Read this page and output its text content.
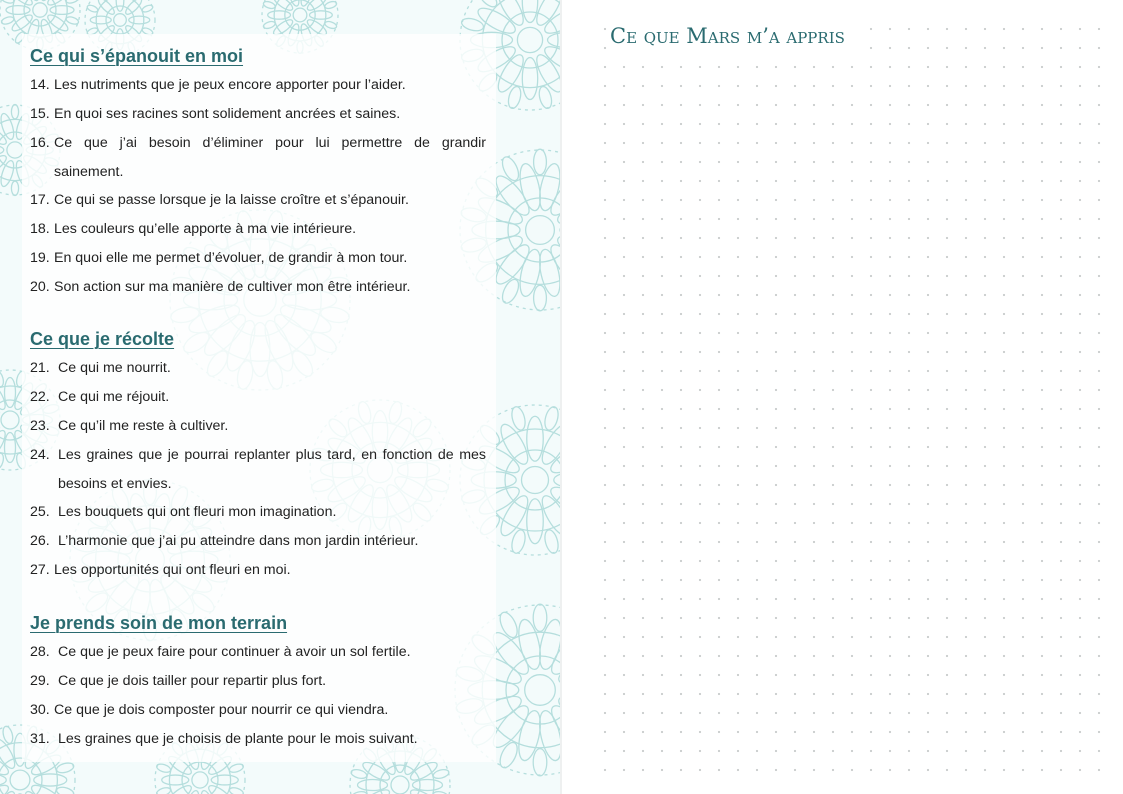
Ce qui s’épanouit en moi
14. Les nutriments que je peux encore apporter pour l’aider.
15. En quoi ses racines sont solidement ancrées et saines.
16. Ce que j’ai besoin d’éliminer pour lui permettre de grandir sainement.
17. Ce qui se passe lorsque je la laisse croître et s’épanouir.
18. Les couleurs qu’elle apporte à ma vie intérieure.
19. En quoi elle me permet d’évoluer, de grandir à mon tour.
20. Son action sur ma manière de cultiver mon être intérieur.
Ce que je récolte
21. Ce qui me nourrit.
22. Ce qui me réjouit.
23. Ce qu’il me reste à cultiver.
24. Les graines que je pourrai replanter plus tard, en fonction de mes besoins et envies.
25. Les bouquets qui ont fleuri mon imagination.
26. L’harmonie que j’ai pu atteindre dans mon jardin intérieur.
27. Les opportunités qui ont fleuri en moi.
Je prends soin de mon terrain
28. Ce que je peux faire pour continuer à avoir un sol fertile.
29. Ce que je dois tailler pour repartir plus fort.
30. Ce que je dois composter pour nourrir ce qui viendra.
31. Les graines que je choisis de plante pour le mois suivant.
Ce que Mars m’a appris
